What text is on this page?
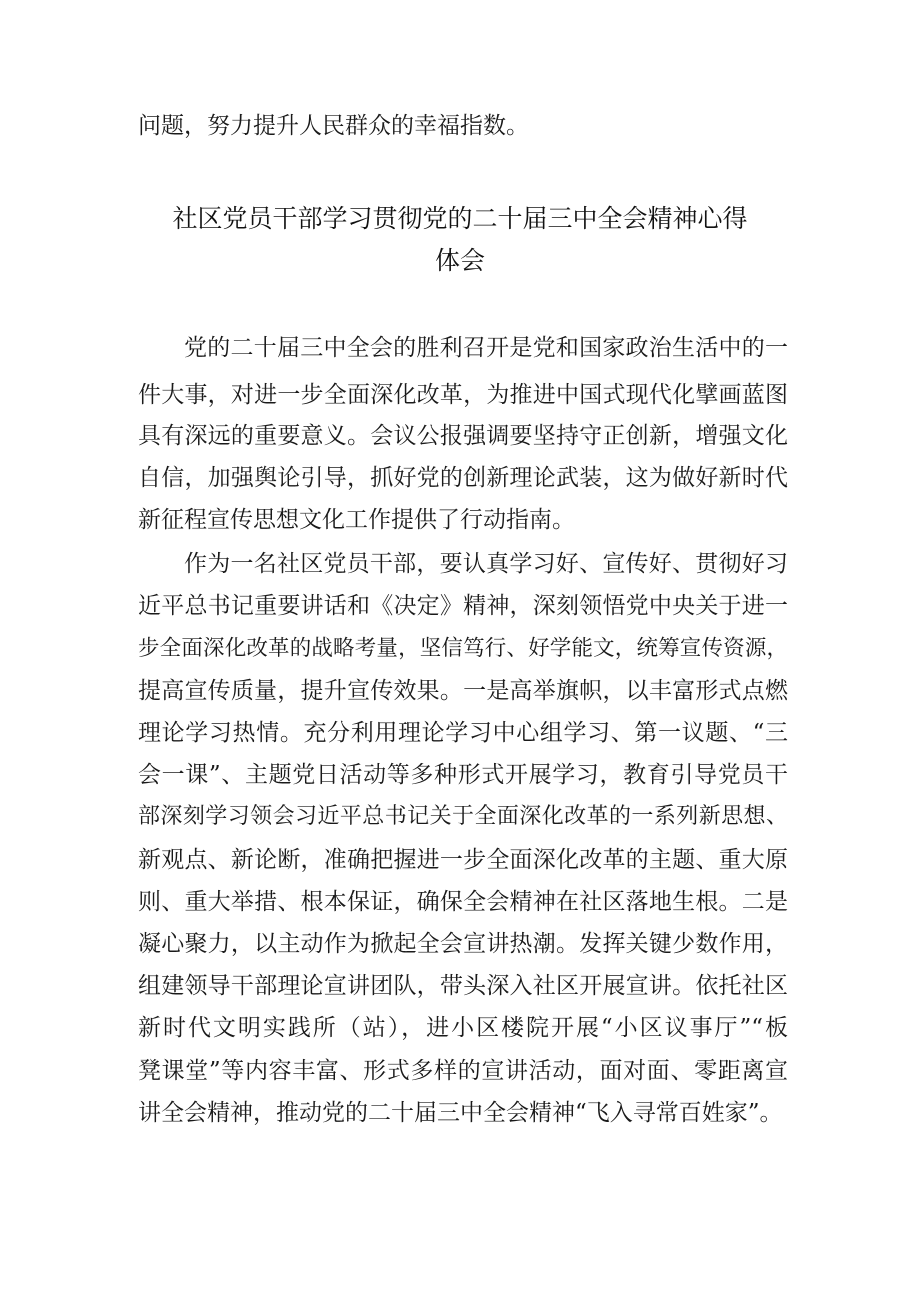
问题，努力提升人民群众的幸福指数。
社区党员干部学习贯彻党的二十届三中全会精神心得
体会
党的二十届三中全会的胜利召开是党和国家政治生活中的一
件大事，对进一步全面深化改革，为推进中国式现代化擘画蓝图
具有深远的重要意义。会议公报强调要坚持守正创新，增强文化
自信，加强舆论引导，抓好党的创新理论武装，这为做好新时代
新征程宣传思想文化工作提供了行动指南。
作为一名社区党员干部，要认真学习好、宣传好、贯彻好习
近平总书记重要讲话和《决定》精神，深刻领悟党中央关于进一
步全面深化改革的战略考量，坚信笃行、好学能文，统筹宣传资源，
提高宣传质量，提升宣传效果。一是高举旗帜，以丰富形式点燃
理论学习热情。充分利用理论学习中心组学习、第一议题、“三
会一课”、主题党日活动等多种形式开展学习，教育引导党员干
部深刻学习领会习近平总书记关于全面深化改革的一系列新思想、
新观点、新论断，准确把握进一步全面深化改革的主题、重大原
则、重大举措、根本保证，确保全会精神在社区落地生根。二是
凝心聚力，以主动作为掀起全会宣讲热潮。发挥关键少数作用，
组建领导干部理论宣讲团队，带头深入社区开展宣讲。依托社区
新时代文明实践所（站），进小区楼院开展“小区议事厅”“板
凳课堂”等内容丰富、形式多样的宣讲活动，面对面、零距离宣
讲全会精神，推动党的二十届三中全会精神“飞入寻常百姓家”。
